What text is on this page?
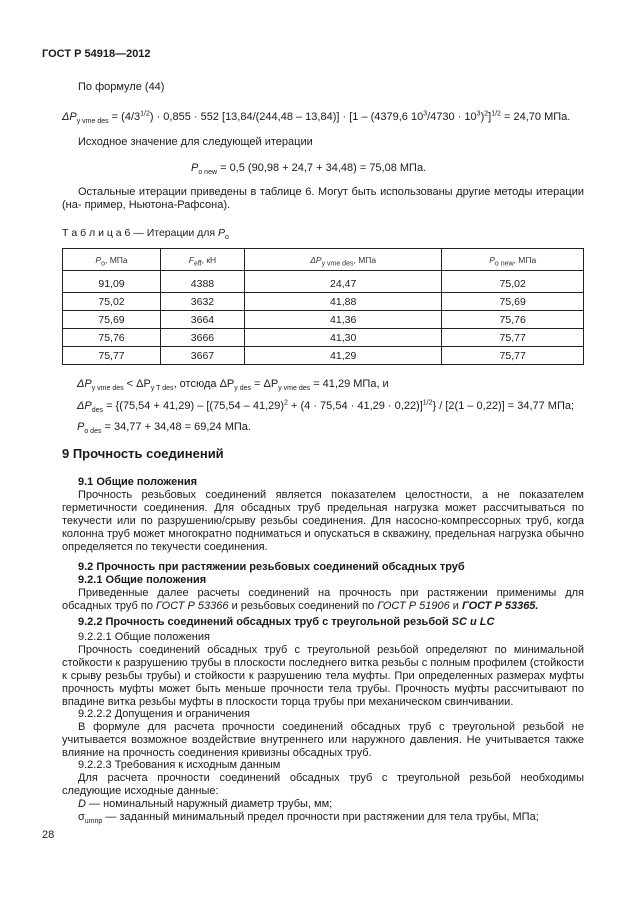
ГОСТ Р 54918—2012
По формуле (44)
$\Delta P_{y vme des} = (4/3^{1/2}) \cdot 0,855 \cdot 552$ [13,84/(244,48 – 13,84)] · [1 – (4379,6 $10^3/4730 \cdot 10^3)^2]^{1/2} = 24,70$ МПа.
Исходное значение для следующей итерации
$P_{o new} = 0,5$ (90,98 + 24,7 + 34,48) = 75,08 МПа.

Остальные итерации приведены в таблице 6. Могут быть использованы другие методы итерации (на- пример, Ньютона-Рафсона).

Т а б л и ц а 6 — Итерации для $P_o$
$P_o$, МПа	$F_{eff}$, кН	$\Delta P_{y vme des}$, МПа	$P_{o new}$, МПа
91,09	4388	24,47	75,02
75,02	3632	41,88	75,69
75,69	3664	41,36	75,76
75,76	3666	41,30	75,77
75,77	3667	41,29	75,77
$\Delta P_{y vme des} < \Delta P_{y T des}$, отсюда $\Delta P_{y des} = \Delta P_{y vme des} = 41,29$ МПа, и
$\Delta P_{des} = \{(75,54 + 41,29) - [(75,54 - 41,29)^2 + (4 \cdot 75,54 \cdot 41,29 \cdot 0,22)]^{1/2}\} / [2(1 - 0,22)] = 34,77$ МПа;
$P_{o des} = 34,77 + 34,48 = 69,24$ МПа.
9 Прочность соединений
9.1 Общие положения

Прочность резьбовых соединений является показателем целостности, а не показателем герметичности соединения. Для обсадных труб предельная нагрузка может рассчитываться по текучести или по разрушению/срыву резьбы соединения. Для насосно-компрессорных труб, когда колонна труб может многократно подниматься и опускаться в скважину, предельная нагрузка обычно определяется по текучести соединения.

9.2 Прочность при растяжении резьбовых соединений обсадных труб
9.2.1 Общие положения

Приведенные далее расчеты соединений на прочность при растяжении применимы для обсадных труб по ГОСТ Р 53366 и резьбовых соединений по ГОСТ Р 51906 и ГОСТ Р 53365.

9.2.2 Прочность соединений обсадных труб с треугольной резьбой SC и LC
9.2.2.1 Общие положения

Прочность соединений обсадных труб с треугольной резьбой определяют по минимальной стойкости к разрушению трубы в плоскости последнего витка резьбы с полным профилем (стойкости к срыву резьбы трубы) и стойкости к разрушению тела муфты. При определенных размерах муфты прочность муфты может быть меньше прочности тела трубы. Прочность муфты рассчитывают по впадине витка резьбы муфты в плоскости торца трубы при механическом свинчивании.

9.2.2.2 Допущения и ограничения

В формуле для расчета прочности соединений обсадных труб с треугольной резьбой не учитывается возможное воздействие внутреннего или наружного давления. Не учитывается также влияние на прочность соединения кривизны обсадных труб.

9.2.2.3 Требования к исходным данным

Для расчета прочности соединений обсадных труб с треугольной резьбой необходимы следующие исходные данные:

D — номинальный наружный диаметр трубы, мм;
$\sigma_{umnp}$ — заданный минимальный предел прочности при растяжении для тела трубы, МПа;
28
